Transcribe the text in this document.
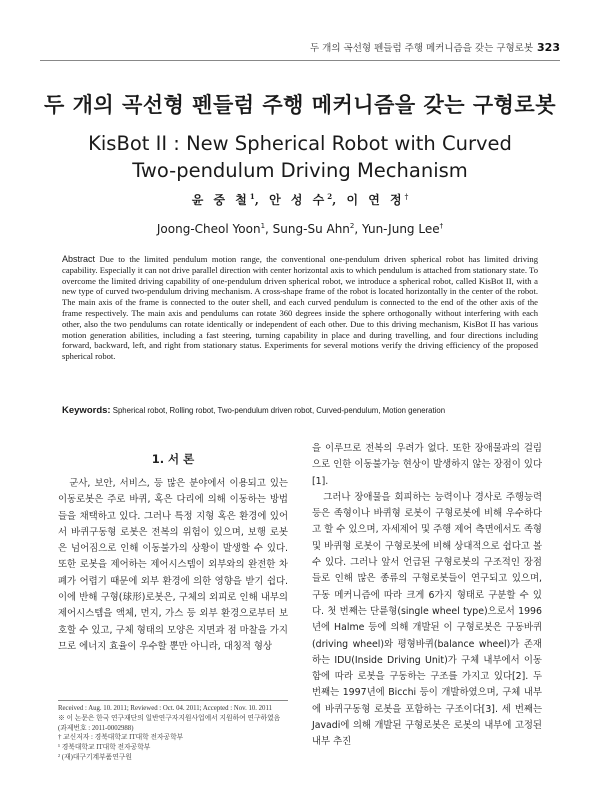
두 개의 곡선형 펜들럼 주행 메커니즘을 갖는 구형로봇 323
두 개의 곡선형 펜들럼 주행 메커니즘을 갖는 구형로봇
KisBot II : New Spherical Robot with Curved
Two-pendulum Driving Mechanism
윤 중 철$^1$, 안 성 수$^2$, 이 연 정†
Joong-Cheol Yoon$^1$, Sung-Su Ahn$^2$, Yun-Jung Lee†
Abstract Due to the limited pendulum motion range, the conventional one-pendulum driven spherical robot has limited driving capability. Especially it can not drive parallel direction with center horizontal axis to which pendulum is attached from stationary state. To overcome the limited driving capability of one-pendulum driven spherical robot, we introduce a spherical robot, called KisBot II, with a new type of curved two-pendulum driving mechanism. A cross-shape frame of the robot is located horizontally in the center of the robot. The main axis of the frame is connected to the outer shell, and each curved pendulum is connected to the end of the other axis of the frame respectively. The main axis and pendulums can rotate 360 degrees inside the sphere orthogonally without interfering with each other, also the two pendulums can rotate identically or independent of each other. Due to this driving mechanism, KisBot II has various motion generation abilities, including a fast steering, turning capability in place and during travelling, and four directions including forward, backward, left, and right from stationary status. Experiments for several motions verify the driving efficiency of the proposed spherical robot.
Keywords: Spherical robot, Rolling robot, Two-pendulum driven robot, Curved-pendulum, Motion generation
1. 서 론

군사, 보안, 서비스, 등 많은 분야에서 이용되고 있는 이동로봇은 주로 바퀴, 혹은 다리에 의해 이동하는 방법들을 채택하고 있다. 그러나 특정 지형 혹은 환경에 있어서 바퀴구동형 로봇은 전복의 위험이 있으며, 보행 로봇은 넘어짐으로 인해 이동불가의 상황이 발생할 수 있다. 또한 로봇을 제어하는 제어시스템이 외부와의 완전한 차폐가 어렵기 때문에 외부 환경에 의한 영향을 받기 쉽다. 이에 반해 구형(球形)로봇은, 구체의 외피로 인해 내부의 제어시스템을 액체, 먼지, 가스 등 외부 환경으로부터 보호할 수 있고, 구체 형태의 모양은 지면과 점 마찰을 가지므로 에너지 효율이 우수할 뿐만 아니라, 대칭적 형상

을 이루므로 전복의 우려가 없다. 또한 장애물과의 걸림으로 인한 이동불가능 현상이 발생하지 않는 장점이 있다[1].

그러나 장애물을 회피하는 능력이나 경사로 주행능력 등은 족형이나 바퀴형 로봇이 구형로봇에 비해 우수하다고 할 수 있으며, 자세제어 및 주행 제어 측면에서도 족형 및 바퀴형 로봇이 구형로봇에 비해 상대적으로 쉽다고 볼 수 있다. 그러나 앞서 언급된 구형로봇의 구조적인 장점들로 인해 많은 종류의 구형로봇들이 연구되고 있으며, 구동 메커니즘에 따라 크게 6가지 형태로 구분할 수 있다. 첫 번째는 단륜형(single wheel type)으로서 1996년에 Halme 등에 의해 개발된 이 구형로봇은 구동바퀴(driving wheel)와 평형바퀴(balance wheel)가 존재하는 IDU(Inside Driving Unit)가 구체 내부에서 이동함에 따라 로봇을 구동하는 구조를 가지고 있다[2]. 두 번째는 1997년에 Bicchi 등이 개발하였으며, 구체 내부에 바퀴구동형 로봇을 포함하는 구조이다[3]. 세 번째는 Javadi에 의해 개발된 구형로봇은 로봇의 내부에 고정된 내부 추진

Received : Aug. 10. 2011; Reviewed : Oct. 04. 2011; Accepted : Nov. 10. 2011
※ 이 논문은 한국 연구재단의 일반연구자지원사업에서 지원하여 연구하였음(과제번호 : 2011-0002988)
† 교신저자 : 경북대학교 IT대학 전자공학부
¹ 경북대학교 IT대학 전자공학부
² (재)대구기계부품연구원
